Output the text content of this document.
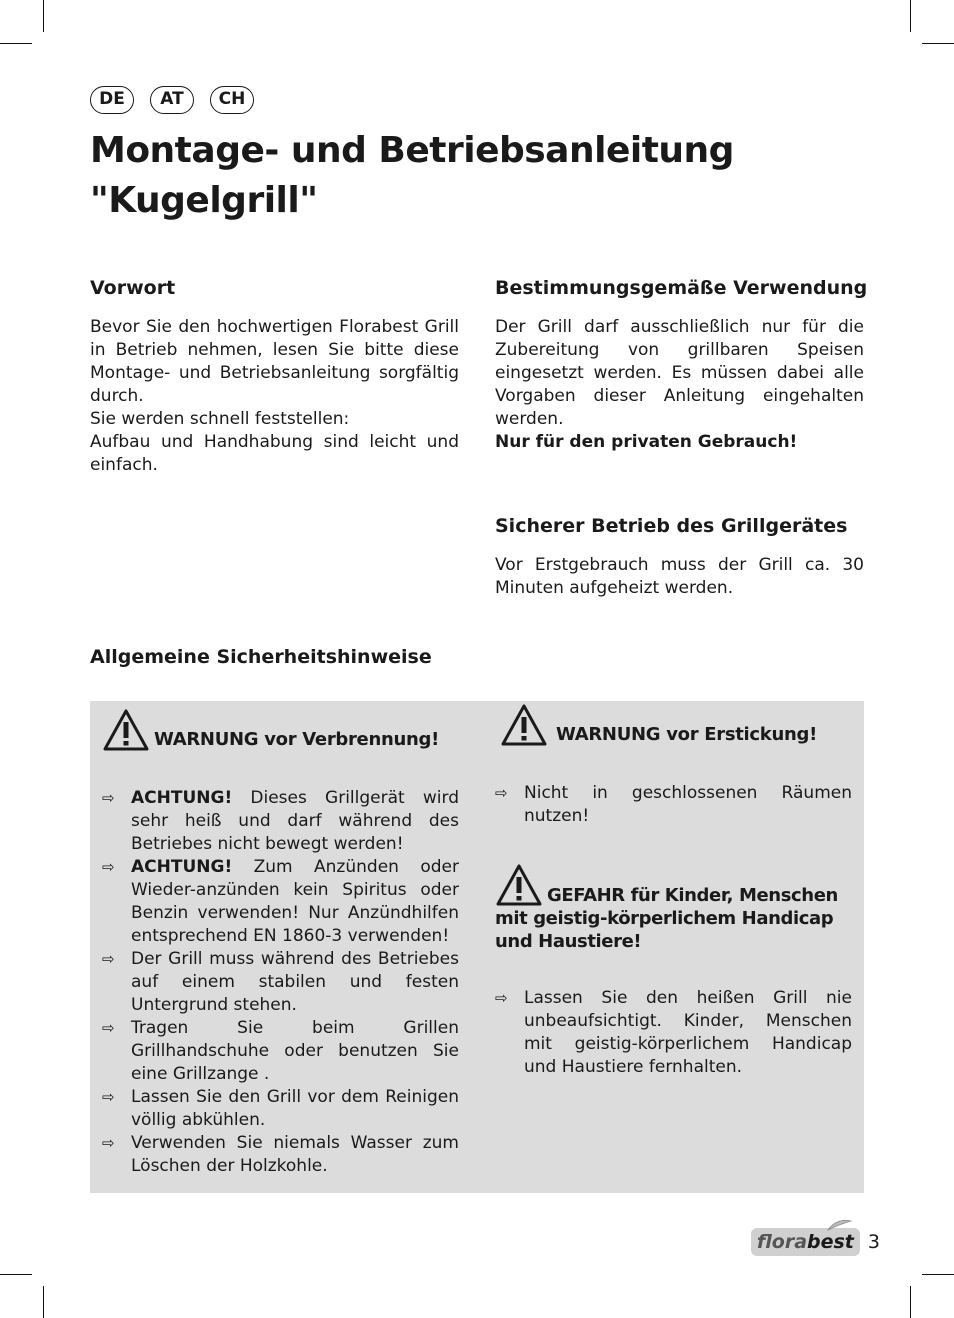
DE	AT	CH
Montage- und Betriebsanleitung
"Kugelgrill"
Vorwort

Bevor Sie den hochwertigen Florabest Grill in Betrieb nehmen, lesen Sie bitte diese Montage- und Betriebsanleitung sorgfältig durch.

Sie werden schnell feststellen:

Aufbau und Handhabung sind leicht und einfach.

Bestimmungsgemäße Verwendung

Der Grill darf ausschließlich nur für die Zubereitung von grillbaren Speisen eingesetzt werden. Es müssen dabei alle Vorgaben dieser Anleitung eingehalten werden.

Nur für den privaten Gebrauch!

Sicherer Betrieb des Grillgerätes

Vor Erstgebrauch muss der Grill ca. 30 Minuten aufgeheizt werden.

Allgemeine Sicherheitshinweise
WARNUNG vor Verbrennung!
⇨ ACHTUNG! Dieses Grillgerät wird sehr heiß und darf während des Betriebes nicht bewegt werden!
⇨ ACHTUNG! Zum Anzünden oder Wieder-anzünden kein Spiritus oder Benzin verwenden! Nur Anzündhilfen entsprechend EN 1860-3 verwenden!
⇨ Der Grill muss während des Betriebes auf einem stabilen und festen Untergrund stehen.
⇨ Tragen Sie beim Grillen Grillhandschuhe oder benutzen Sie eine Grillzange .
⇨ Lassen Sie den Grill vor dem Reinigen völlig abkühlen.
⇨ Verwenden Sie niemals Wasser zum Löschen der Holzkohle.
WARNUNG vor Erstickung!
⇨ Nicht in geschlossenen Räumen nutzen!
GEFAHR für Kinder, Menschen
mit geistig-körperlichem Handicap
und Haustiere!
⇨ Lassen Sie den heißen Grill nie unbeaufsichtigt. Kinder, Menschen mit geistig-körperlichem Handicap und Haustiere fernhalten.
florabest 3
